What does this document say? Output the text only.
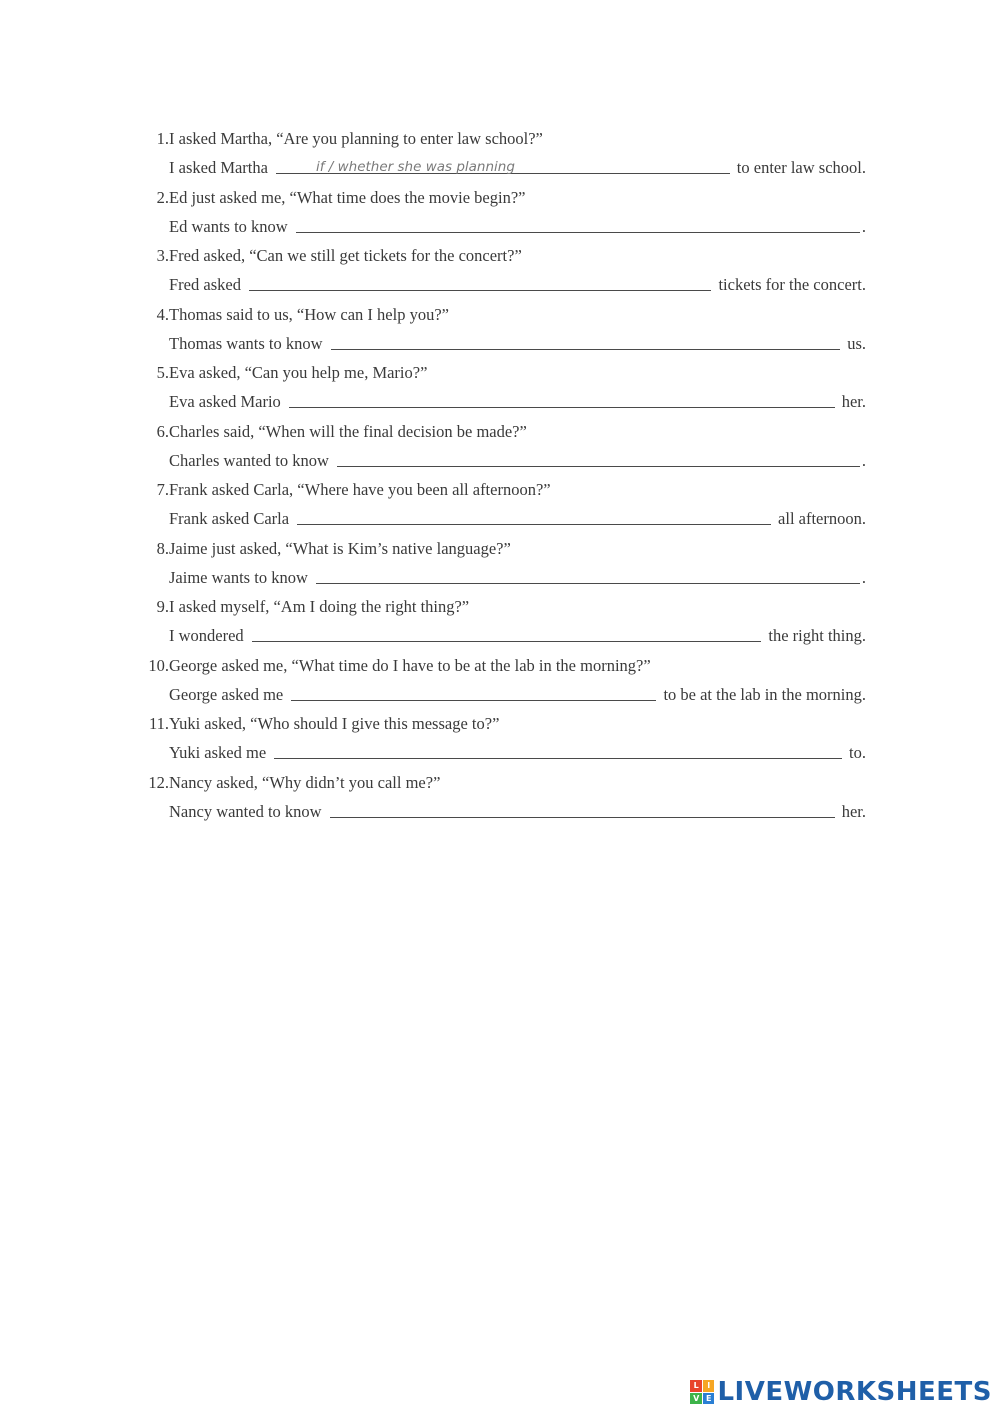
1. I asked Martha, “Are you planning to enter law school?”
I asked Martha	if / whether she was planning	to enter law school.
2. Ed just asked me, “What time does the movie begin?”
Ed wants to know	.
3. Fred asked, “Can we still get tickets for the concert?”
Fred asked	tickets for the concert.
4. Thomas said to us, “How can I help you?”
Thomas wants to know	us.
5. Eva asked, “Can you help me, Mario?”
Eva asked Mario	her.
6. Charles said, “When will the final decision be made?”
Charles wanted to know	.
7. Frank asked Carla, “Where have you been all afternoon?”
Frank asked Carla	all afternoon.
8. Jaime just asked, “What is Kim’s native language?”
Jaime wants to know	.
9. I asked myself, “Am I doing the right thing?”
I wondered	the right thing.
10. George asked me, “What time do I have to be at the lab in the morning?”
George asked me	to be at the lab in the morning.
11. Yuki asked, “Who should I give this message to?”
Yuki asked me	to.
12. Nancy asked, “Why didn’t you call me?”
Nancy wanted to know	her.
L	I
V E LIVEWORKSHEETS
